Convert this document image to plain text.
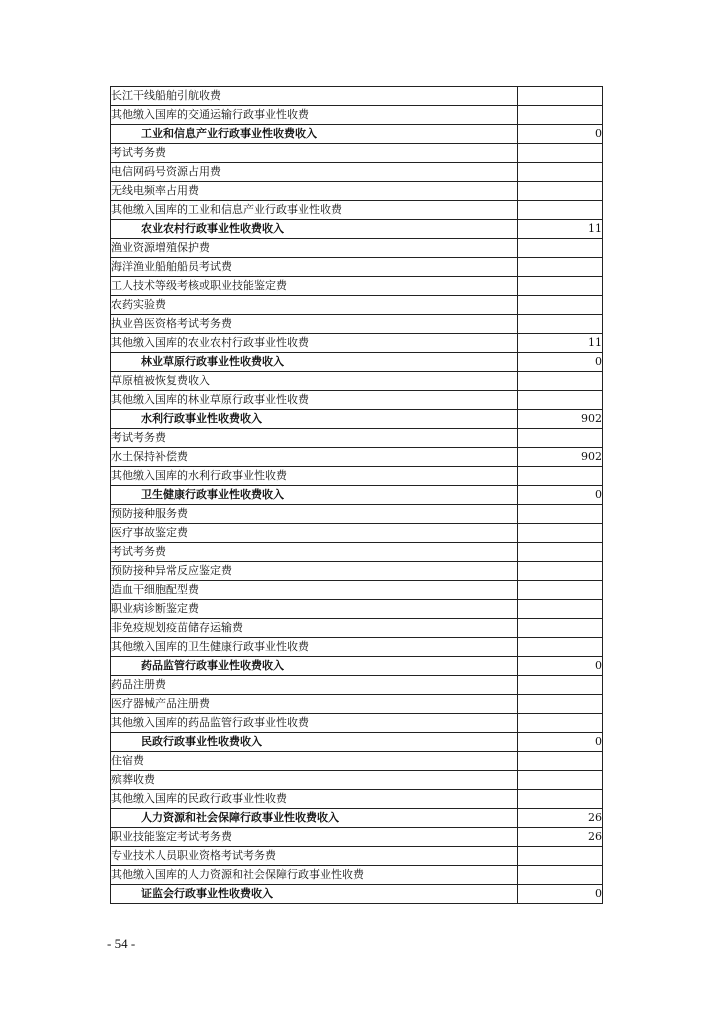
长江干线船舶引航收费	
其他缴入国库的交通运输行政事业性收费	
工业和信息产业行政事业性收费收入	0
考试考务费	
电信网码号资源占用费	
无线电频率占用费	
其他缴入国库的工业和信息产业行政事业性收费	
农业农村行政事业性收费收入	11
渔业资源增殖保护费	
海洋渔业船舶船员考试费	
工人技术等级考核或职业技能鉴定费	
农药实验费	
执业兽医资格考试考务费	
其他缴入国库的农业农村行政事业性收费	11
林业草原行政事业性收费收入	0
草原植被恢复费收入	
其他缴入国库的林业草原行政事业性收费	
水利行政事业性收费收入	902
考试考务费	
水土保持补偿费	902
其他缴入国库的水利行政事业性收费	
卫生健康行政事业性收费收入	0
预防接种服务费	
医疗事故鉴定费	
考试考务费	
预防接种异常反应鉴定费	
造血干细胞配型费	
职业病诊断鉴定费	
非免疫规划疫苗储存运输费	
其他缴入国库的卫生健康行政事业性收费	
药品监管行政事业性收费收入	0
药品注册费	
医疗器械产品注册费	
其他缴入国库的药品监管行政事业性收费	
民政行政事业性收费收入	0
住宿费	
殡葬收费	
其他缴入国库的民政行政事业性收费	
人力资源和社会保障行政事业性收费收入	26
职业技能鉴定考试考务费	26
专业技术人员职业资格考试考务费	
其他缴入国库的人力资源和社会保障行政事业性收费	
证监会行政事业性收费收入	0
- 54 -
